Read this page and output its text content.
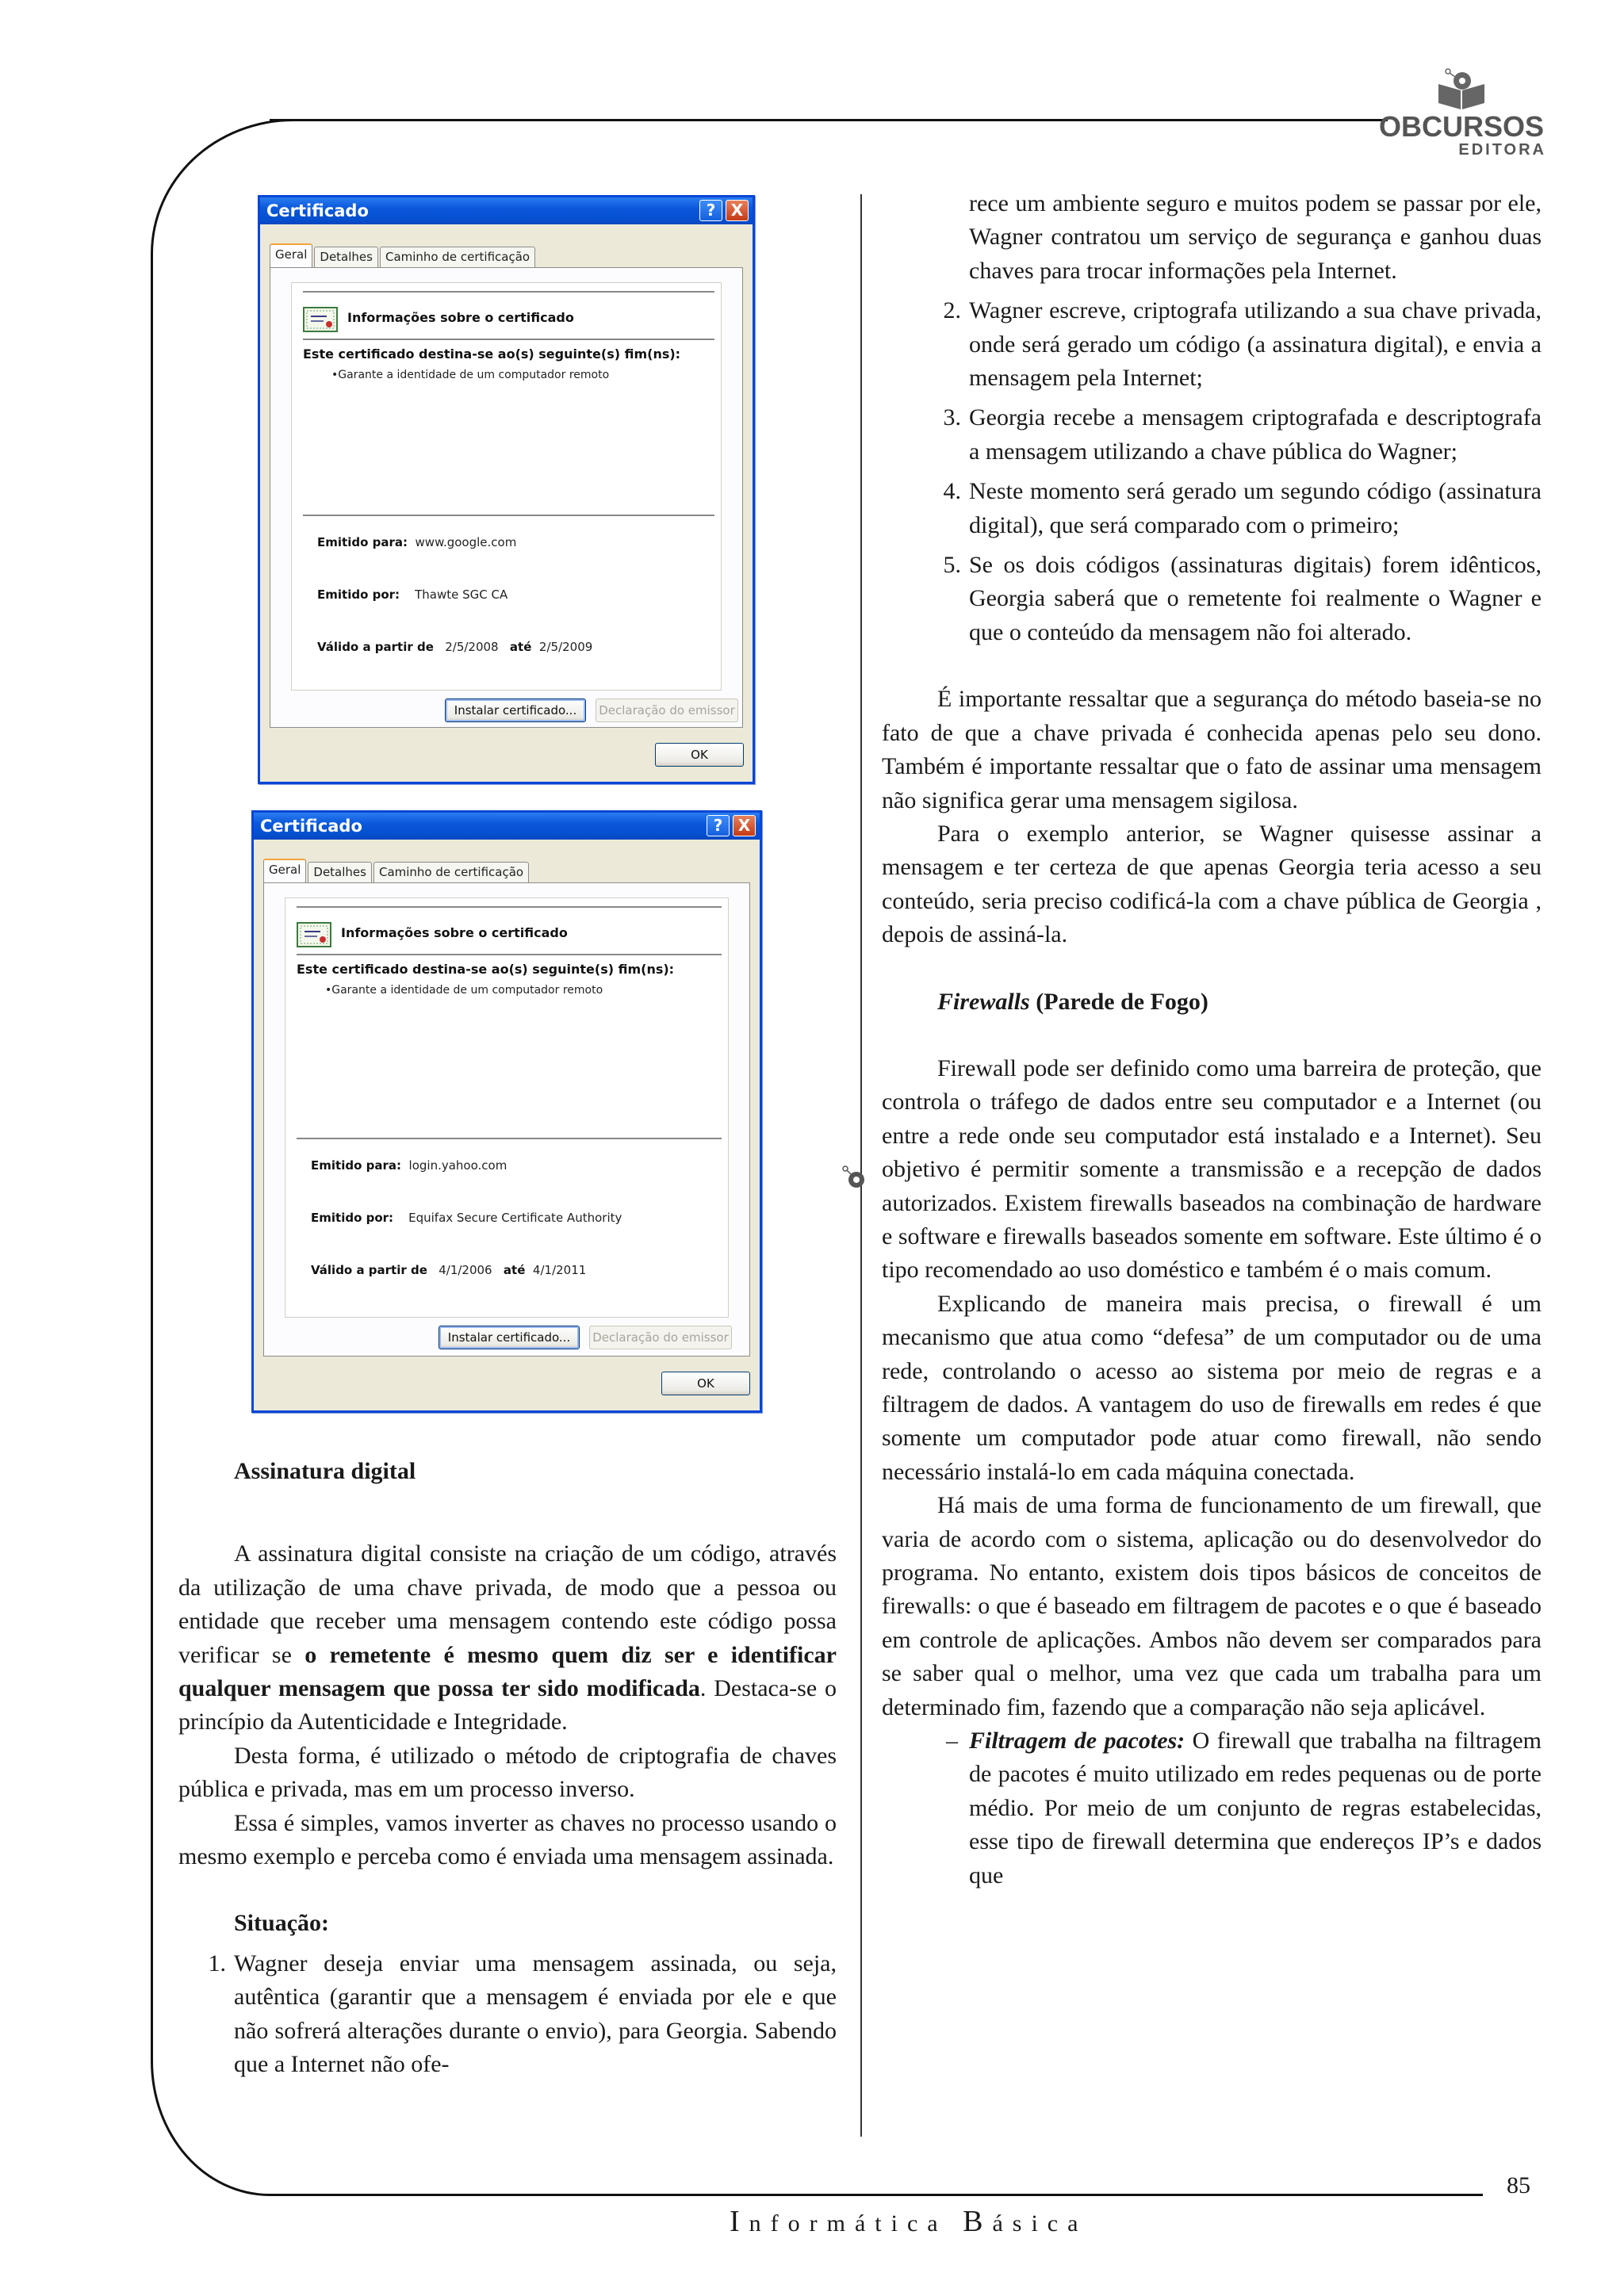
OBCURSOS
EDITORA
Certificado	? X
Geral	Detalhes	Caminho de certificação
Informações sobre o certificado
Este certificado destina-se ao(s) seguinte(s) fim(ns):
•Garante a identidade de um computador remoto
Emitido para: www.google.com
Emitido por: Thawte SGC CA
Válido a partir de 2/5/2008 até 2/5/2009
Instalar certificado...	Declaração do emissor
OK
Certificado	? X
Geral	Detalhes	Caminho de certificação
Informações sobre o certificado
Este certificado destina-se ao(s) seguinte(s) fim(ns):
•Garante a identidade de um computador remoto
Emitido para: login.yahoo.com
Emitido por: Equifax Secure Certificate Authority
Válido a partir de 4/1/2006 até 4/1/2011
Instalar certificado...	Declaração do emissor
OK

Assinatura digital

A assinatura digital consiste na criação de um código, através da utilização de uma chave privada, de modo que a pessoa ou entidade que receber uma mensagem contendo este código possa verificar se o remetente é mesmo quem diz ser e identificar qualquer mensagem que possa ter sido modificada. Destaca-se o princípio da Autenticidade e Integridade.

Desta forma, é utilizado o método de criptografia de chaves pública e privada, mas em um processo inverso.

Essa é simples, vamos inverter as chaves no processo usando o mesmo exemplo e perceba como é enviada uma mensagem assinada.

Situação:

1. Wagner deseja enviar uma mensagem assinada, ou seja, autêntica (garantir que a mensagem é enviada por ele e que não sofrerá alterações durante o envio), para Georgia. Sabendo que a Internet não ofe-

rece um ambiente seguro e muitos podem se passar por ele, Wagner contratou um serviço de segurança e ganhou duas chaves para trocar informações pela Internet.

2. Wagner escreve, criptografa utilizando a sua chave privada, onde será gerado um código (a assinatura digital), e envia a mensagem pela Internet;
3. Georgia recebe a mensagem criptografada e descriptografa a mensagem utilizando a chave pública do Wagner;
4. Neste momento será gerado um segundo código (assinatura digital), que será comparado com o primeiro;
5. Se os dois códigos (assinaturas digitais) forem idênticos, Georgia saberá que o remetente foi realmente o Wagner e que o conteúdo da mensagem não foi alterado.

É importante ressaltar que a segurança do método baseia-se no fato de que a chave privada é conhecida apenas pelo seu dono. Também é importante ressaltar que o fato de assinar uma mensagem não significa gerar uma mensagem sigilosa.

Para o exemplo anterior, se Wagner quisesse assinar a mensagem e ter certeza de que apenas Georgia teria acesso a seu conteúdo, seria preciso codificá-la com a chave pública de Georgia , depois de assiná-la.

Firewalls (Parede de Fogo)

Firewall pode ser definido como uma barreira de proteção, que controla o tráfego de dados entre seu computador e a Internet (ou entre a rede onde seu computador está instalado e a Internet). Seu objetivo é permitir somente a transmissão e a recepção de dados autorizados. Existem firewalls baseados na combinação de hardware e software e firewalls baseados somente em software. Este último é o tipo recomendado ao uso doméstico e também é o mais comum.

Explicando de maneira mais precisa, o firewall é um mecanismo que atua como “defesa” de um computador ou de uma rede, controlando o acesso ao sistema por meio de regras e a filtragem de dados. A vantagem do uso de firewalls em redes é que somente um computador pode atuar como firewall, não sendo necessário instalá-lo em cada máquina conectada.

Há mais de uma forma de funcionamento de um firewall, que varia de acordo com o sistema, aplicação ou do desenvolvedor do programa. No entanto, existem dois tipos básicos de conceitos de firewalls: o que é baseado em filtragem de pacotes e o que é baseado em controle de aplicações. Ambos não devem ser comparados para se saber qual o melhor, uma vez que cada um trabalha para um determinado fim, fazendo que a comparação não seja aplicável.

– Filtragem de pacotes: O firewall que trabalha na filtragem de pacotes é muito utilizado em redes pequenas ou de porte médio. Por meio de um conjunto de regras estabelecidas, esse tipo de firewall determina que endereços IP’s e dados que
85
Informática Básica
